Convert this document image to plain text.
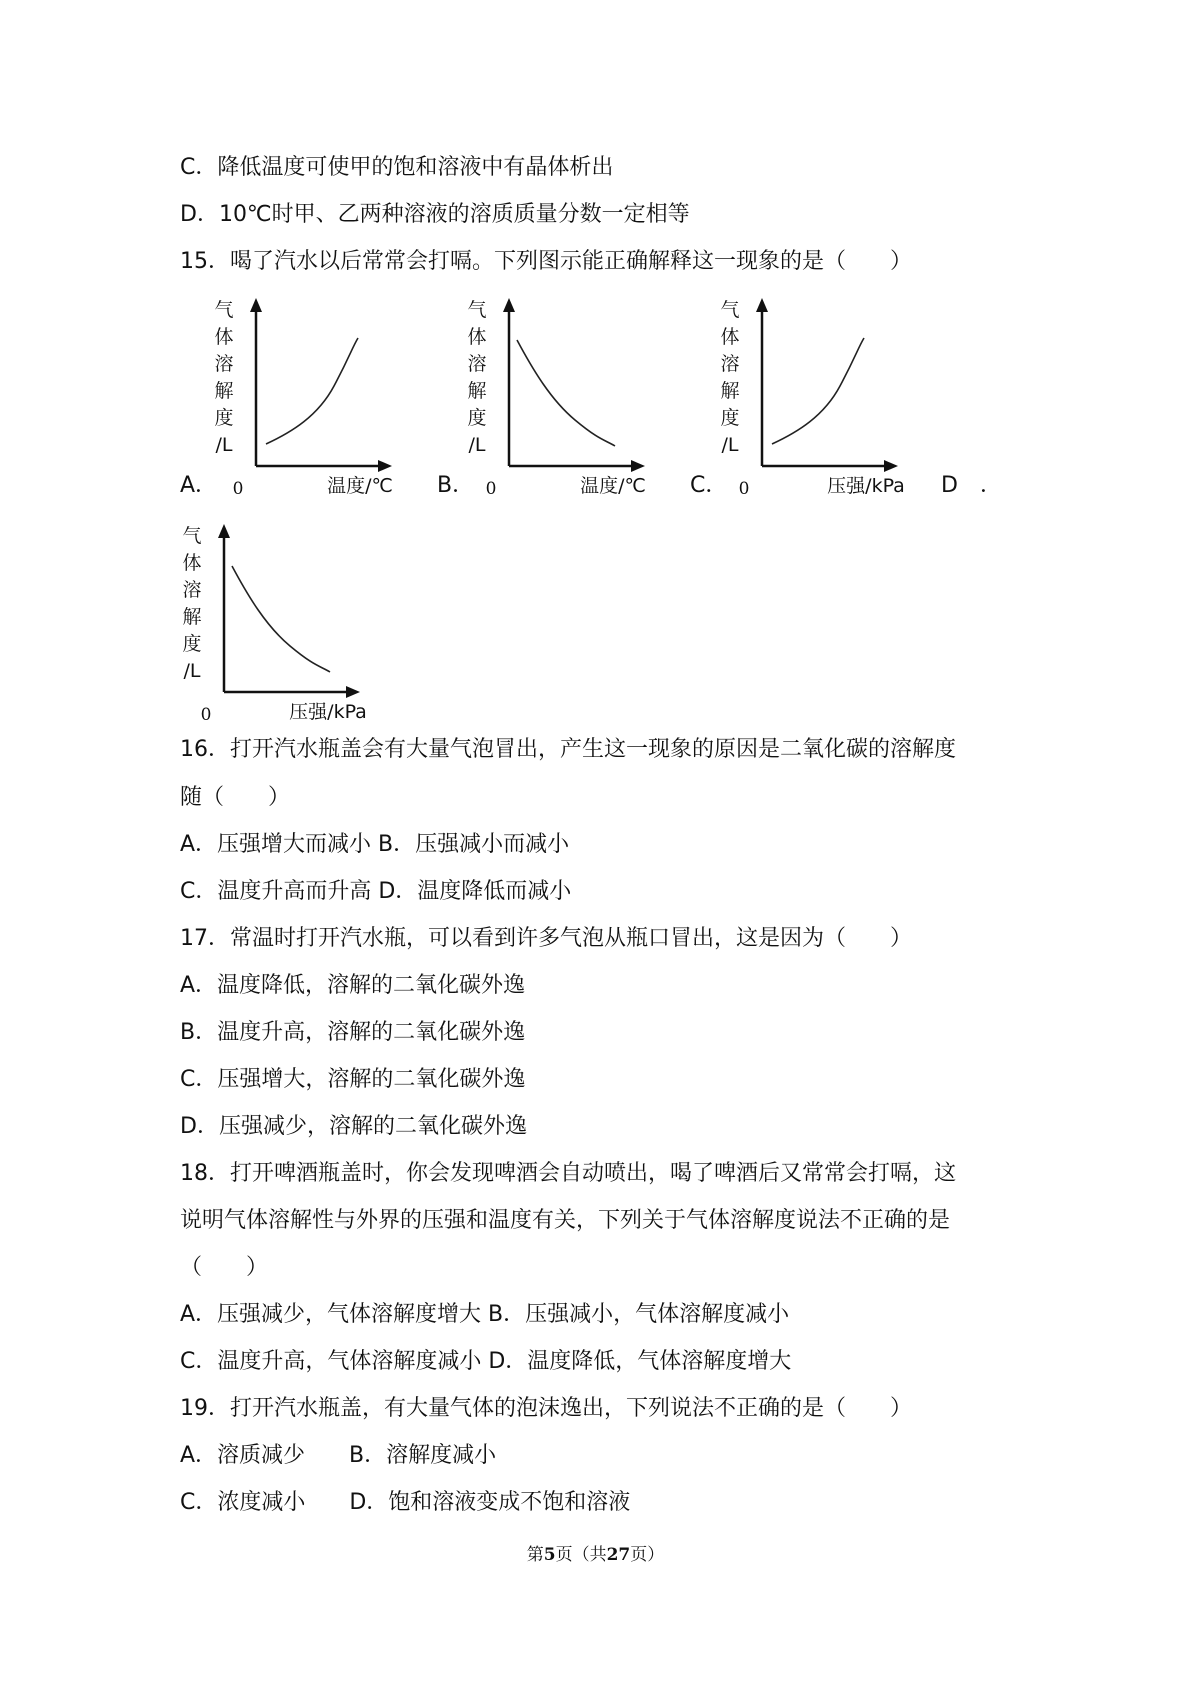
C．降低温度可使甲的饱和溶液中有晶体析出
D．10℃时甲、乙两种溶液的溶质质量分数一定相等
15．喝了汽水以后常常会打嗝。下列图示能正确解释这一现象的是（　　）
A．	B．	C．	D　．
气
体
溶
解
度
/L
0	温度/℃
气
体
溶
解
度
/L
0	温度/℃
气
体
溶
解
度
/L
0	压强/kPa
气
体
溶
解
度
/L
0	压强/kPa
16．打开汽水瓶盖会有大量气泡冒出，产生这一现象的原因是二氧化碳的溶解度
随（　　）
A．压强增大而减小 B．压强减小而减小
C．温度升高而升高 D．温度降低而减小
17．常温时打开汽水瓶，可以看到许多气泡从瓶口冒出，这是因为（　　）
A．温度降低，溶解的二氧化碳外逸
B．温度升高，溶解的二氧化碳外逸
C．压强增大，溶解的二氧化碳外逸
D．压强减少，溶解的二氧化碳外逸
18．打开啤酒瓶盖时，你会发现啤酒会自动喷出，喝了啤酒后又常常会打嗝，这
说明气体溶解性与外界的压强和温度有关，下列关于气体溶解度说法不正确的是
（　　）
A．压强减少，气体溶解度增大 B．压强减小，气体溶解度减小
C．温度升高，气体溶解度减小 D．温度降低，气体溶解度增大
19．打开汽水瓶盖，有大量气体的泡沫逸出，下列说法不正确的是（　　）
A．溶质减少　　B．溶解度减小
C．浓度减小　　D．饱和溶液变成不饱和溶液
第5页（共27页）
